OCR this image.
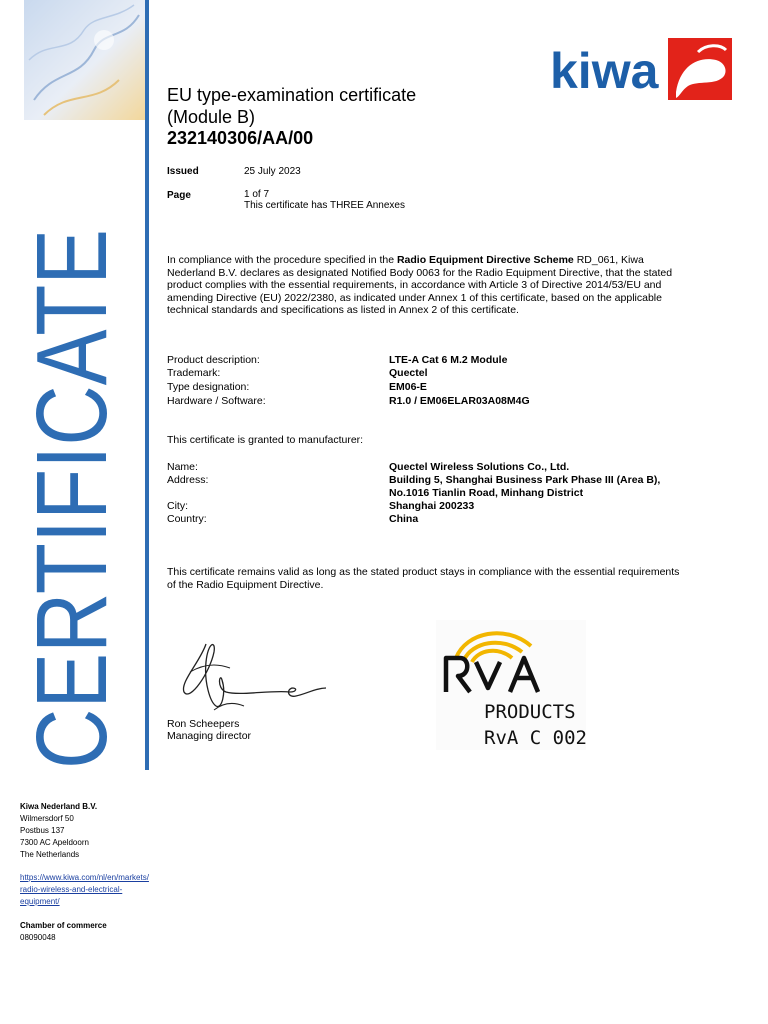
CERTIFICATE
kiwa
EU type-examination certificate
(Module B)
232140306/AA/00
Issued	25 July 2023
Page	1 of 7
This certificate has THREE Annexes
In compliance with the procedure specified in the Radio Equipment Directive Scheme RD_061, Kiwa Nederland B.V. declares as designated Notified Body 0063 for the Radio Equipment Directive, that the stated product complies with the essential requirements, in accordance with Article 3 of Directive 2014/53/EU and amending Directive (EU) 2022/2380, as indicated under Annex 1 of this certificate, based on the applicable technical standards and specifications as listed in Annex 2 of this certificate.
Product description:	LTE-A Cat 6 M.2 Module
Trademark:	Quectel
Type designation:	EM06-E
Hardware / Software:	R1.0 / EM06ELAR03A08M4G
This certificate is granted to manufacturer:
Name:	Quectel Wireless Solutions Co., Ltd.
Address:	Building 5, Shanghai Business Park Phase III (Area B),
No.1016 Tianlin Road, Minhang District
City:	Shanghai 200233
Country:	China
This certificate remains valid as long as the stated product stays in compliance with the essential requirements of the Radio Equipment Directive.
Ron Scheepers
Managing director
PRODUCTS
RvA C 002
Kiwa Nederland B.V.
Wilmersdorf 50
Postbus 137
7300 AC Apeldoorn
The Netherlands
https://www.kiwa.com/nl/en/markets/
radio-wireless-and-electrical-
equipment/
Chamber of commerce
08090048
